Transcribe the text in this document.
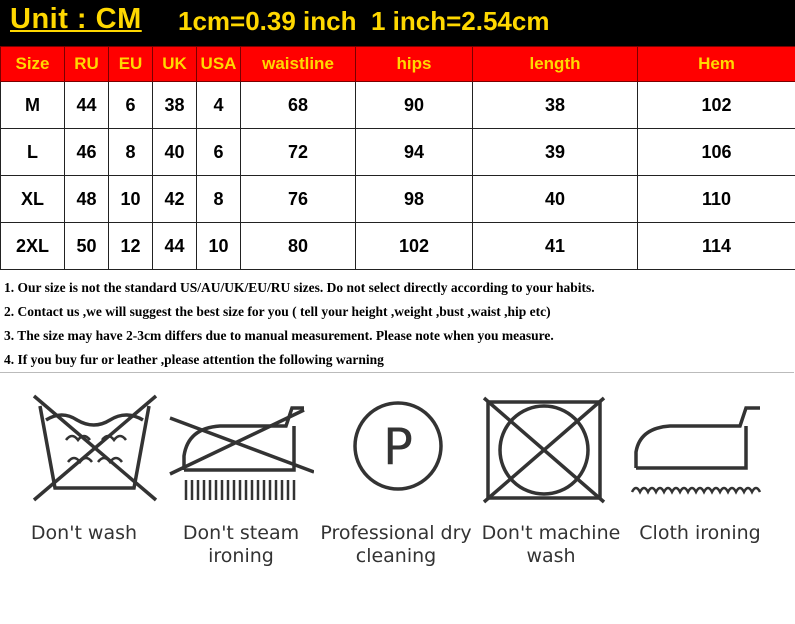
Unit : CM 1cm=0.39 inch  1 inch=2.54cm
Size	RU	EU	UK	USA	waistline	hips	length	Hem
M	44	6	38	4	68	90	38	102
L	46	8	40	6	72	94	39	106
XL	48	10	42	8	76	98	40	110
2XL	50	12	44	10	80	102	41	114
1. Our size is not the standard US/AU/UK/EU/RU sizes. Do not select directly according to your habits.
2. Contact us ,we will suggest the best size for you ( tell your height ,weight ,bust ,waist ,hip etc)
3. The size may have 2-3cm differs due to manual measurement. Please note when you measure.
4. If you buy fur or leather ,please attention the following warning
P
Don't wash	Don't steam
ironing
Professional dry
cleaning
Don't machine
wash
Cloth ironing
